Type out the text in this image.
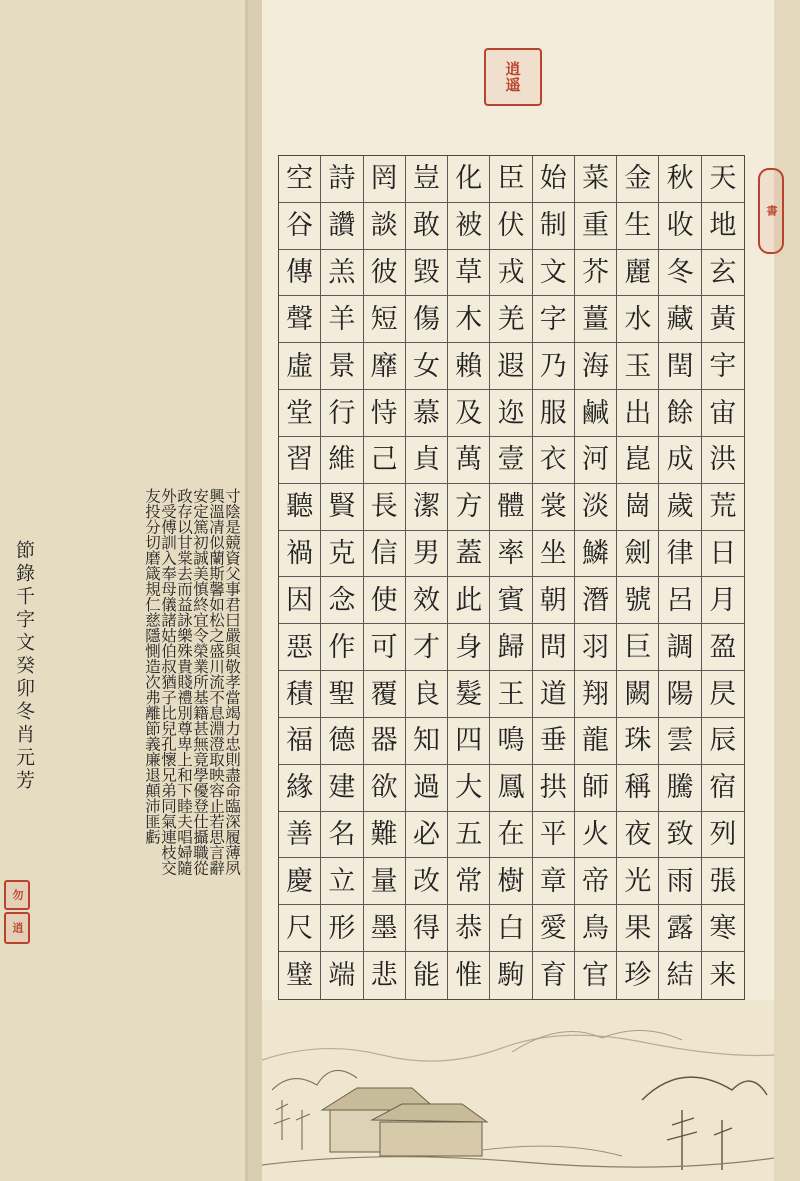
逍遥
書
勿
逍
空 詩 罔 豈 化 臣 始 菜 金 秋 天
谷 讚 談 敢 被 伏 制 重 生 收 地
傳 羔 彼 毀 草 戎 文 芥 麗 冬 玄
聲 羊 短 傷 木 羌 字 薑 水 藏 黃
虛 景 靡 女 賴 遐 乃 海 玉 閏 宇
堂 行 恃 慕 及 迩 服 鹹 出 餘 宙
習 維 己 貞 萬 壹 衣 河 崑 成 洪
聽 賢 長 潔 方 體 裳 淡 崗 歲 荒
禍 克 信 男 蓋 率 坐 鱗 劍 律 日
因 念 使 效 此 賓 朝 潛 號 呂 月
惡 作 可 才 身 歸 問 羽 巨 調 盈
積 聖 覆 良 髮 王 道 翔 闕 陽 昃
福 德 器 知 四 鳴 垂 龍 珠 雲 辰
緣 建 欲 過 大 鳳 拱 師 稱 騰 宿
善 名 難 必 五 在 平 火 夜 致 列
慶 立 量 改 常 樹 章 帝 光 雨 張
尺 形 墨 得 恭 白 愛 鳥 果 露 寒
璧 端 悲 能 惟 駒 育 官 珍 結 来
寸陰是競資父事君曰嚴與敬孝當竭力忠則盡命臨深履薄夙興溫凊似蘭斯馨如松之盛川流不息淵澄取映容止若思言辭安定篤初誠美慎終宜令榮業所基籍甚無竟學優登仕攝職從政存以甘棠去而益詠樂殊貴賤禮別尊卑上和下睦夫唱婦隨外受傅訓入奉母儀諸姑伯叔猶子比兒孔懷兄弟同氣連枝交友投分切磨箴規仁慈隱惻造次弗離節義廉退顛沛匪虧
節錄千字文癸卯冬肖元芳
